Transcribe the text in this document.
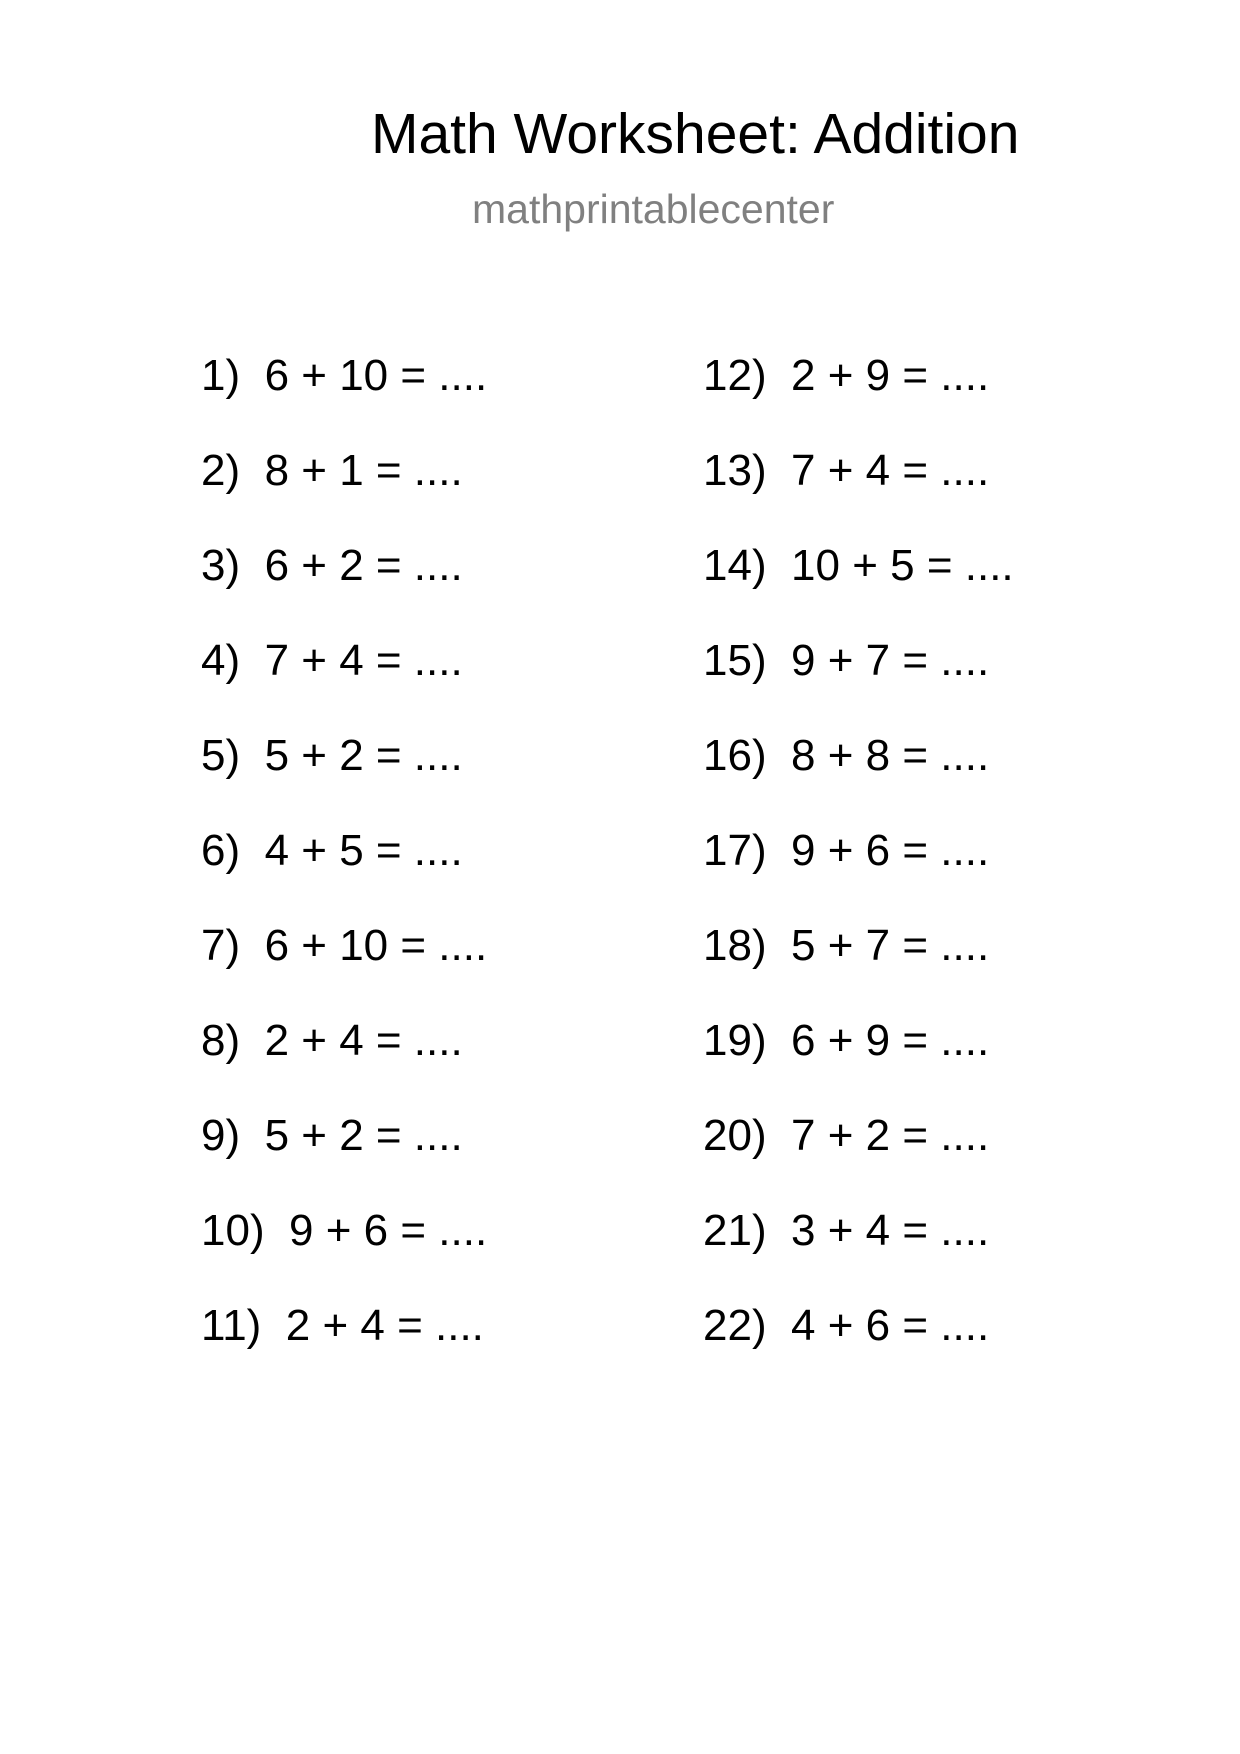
Math Worksheet: Addition
mathprintablecenter
1)  6 + 10 = ....
2)  8 + 1 = ....
3)  6 + 2 = ....
4)  7 + 4 = ....
5)  5 + 2 = ....
6)  4 + 5 = ....
7)  6 + 10 = ....
8)  2 + 4 = ....
9)  5 + 2 = ....
10)  9 + 6 = ....
11)  2 + 4 = ....
12)  2 + 9 = ....
13)  7 + 4 = ....
14)  10 + 5 = ....
15)  9 + 7 = ....
16)  8 + 8 = ....
17)  9 + 6 = ....
18)  5 + 7 = ....
19)  6 + 9 = ....
20)  7 + 2 = ....
21)  3 + 4 = ....
22)  4 + 6 = ....
